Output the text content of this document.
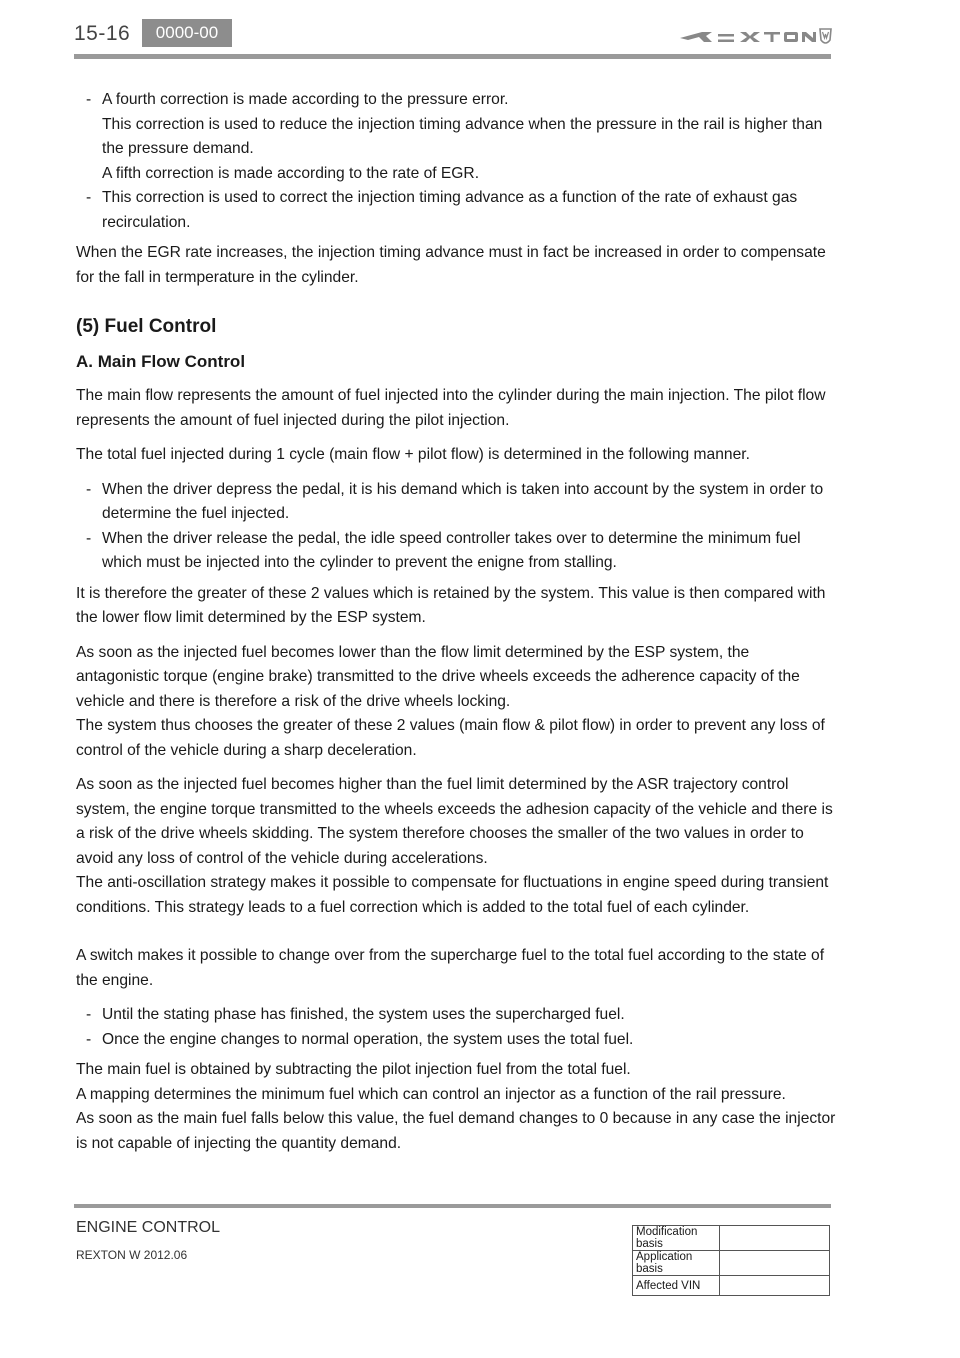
15-16	0000-00
- A fourth correction is made according to the pressure error.
This correction is used to reduce the injection timing advance when the pressure in the rail is higher than the pressure demand.
A fifth correction is made according to the rate of EGR.
- This correction is used to correct the injection timing advance as a function of the rate of exhaust gas recirculation.

When the EGR rate increases, the injection timing advance must in fact be increased in order to compensate for the fall in termperature in the cylinder.

(5) Fuel Control
A. Main Flow Control

The main flow represents the amount of fuel injected into the cylinder during the main injection. The pilot flow represents the amount of fuel injected during the pilot injection.

The total fuel injected during 1 cycle (main flow + pilot flow) is determined in the following manner.

- When the driver depress the pedal, it is his demand which is taken into account by the system in order to determine the fuel injected.
- When the driver release the pedal, the idle speed controller takes over to determine the minimum fuel which must be injected into the cylinder to prevent the enigne from stalling.

It is therefore the greater of these 2 values which is retained by the system. This value is then compared with the lower flow limit determined by the ESP system.

As soon as the injected fuel becomes lower than the flow limit determined by the ESP system, the antagonistic torque (engine brake) transmitted to the drive wheels exceeds the adherence capacity of the vehicle and there is therefore a risk of the drive wheels locking.
The system thus chooses the greater of these 2 values (main flow & pilot flow) in order to prevent any loss of control of the vehicle during a sharp deceleration.

As soon as the injected fuel becomes higher than the fuel limit determined by the ASR trajectory control system, the engine torque transmitted to the wheels exceeds the adhesion capacity of the vehicle and there is a risk of the drive wheels skidding. The system therefore chooses the smaller of the two values in order to avoid any loss of control of the vehicle during accelerations.
The anti-oscillation strategy makes it possible to compensate for fluctuations in engine speed during transient conditions. This strategy leads to a fuel correction which is added to the total fuel of each cylinder.

A switch makes it possible to change over from the supercharge fuel to the total fuel according to the state of the engine.

- Until the stating phase has finished, the system uses the supercharged fuel.
- Once the engine changes to normal operation, the system uses the total fuel.

The main fuel is obtained by subtracting the pilot injection fuel from the total fuel.
A mapping determines the minimum fuel which can control an injector as a function of the rail pressure.
As soon as the main fuel falls below this value, the fuel demand changes to 0 because in any case the injector is not capable of injecting the quantity demand.

ENGINE CONTROL
REXTON W 2012.06
Modification basis	
Application basis	
Affected VIN	
